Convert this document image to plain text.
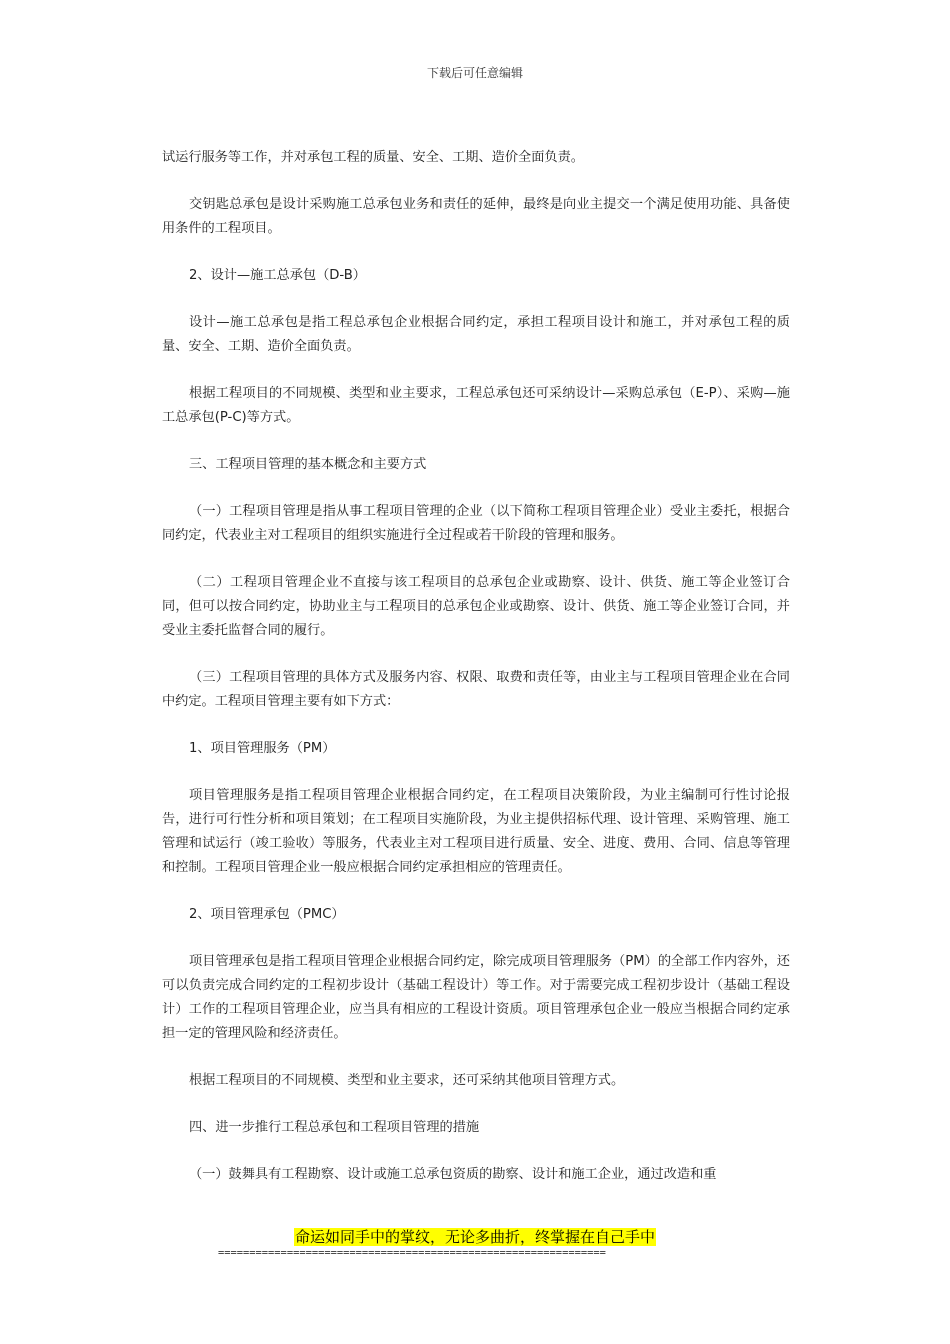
下载后可任意编辑

试运行服务等工作，并对承包工程的质量、安全、工期、造价全面负责。

交钥匙总承包是设计采购施工总承包业务和责任的延伸，最终是向业主提交一个满足使用功能、具备使用条件的工程项目。

2、设计—施工总承包（D-B）

设计—施工总承包是指工程总承包企业根据合同约定，承担工程项目设计和施工，并对承包工程的质量、安全、工期、造价全面负责。

根据工程项目的不同规模、类型和业主要求，工程总承包还可采纳设计—采购总承包（E-P）、采购—施工总承包(P-C)等方式。

三、工程项目管理的基本概念和主要方式

（一）工程项目管理是指从事工程项目管理的企业（以下简称工程项目管理企业）受业主委托，根据合同约定，代表业主对工程项目的组织实施进行全过程或若干阶段的管理和服务。

（二）工程项目管理企业不直接与该工程项目的总承包企业或勘察、设计、供货、施工等企业签订合同，但可以按合同约定，协助业主与工程项目的总承包企业或勘察、设计、供货、施工等企业签订合同，并受业主委托监督合同的履行。

（三）工程项目管理的具体方式及服务内容、权限、取费和责任等，由业主与工程项目管理企业在合同中约定。工程项目管理主要有如下方式：

1、项目管理服务（PM）

项目管理服务是指工程项目管理企业根据合同约定，在工程项目决策阶段，为业主编制可行性讨论报告，进行可行性分析和项目策划；在工程项目实施阶段，为业主提供招标代理、设计管理、采购管理、施工管理和试运行（竣工验收）等服务，代表业主对工程项目进行质量、安全、进度、费用、合同、信息等管理和控制。工程项目管理企业一般应根据合同约定承担相应的管理责任。

2、项目管理承包（PMC）

项目管理承包是指工程项目管理企业根据合同约定，除完成项目管理服务（PM）的全部工作内容外，还可以负责完成合同约定的工程初步设计（基础工程设计）等工作。对于需要完成工程初步设计（基础工程设计）工作的工程项目管理企业，应当具有相应的工程设计资质。项目管理承包企业一般应当根据合同约定承担一定的管理风险和经济责任。

根据工程项目的不同规模、类型和业主要求，还可采纳其他项目管理方式。

四、进一步推行工程总承包和工程项目管理的措施

（一）鼓舞具有工程勘察、设计或施工总承包资质的勘察、设计和施工企业，通过改造和重

命运如同手中的掌纹，无论多曲折，终掌握在自己手中
==============================================================
